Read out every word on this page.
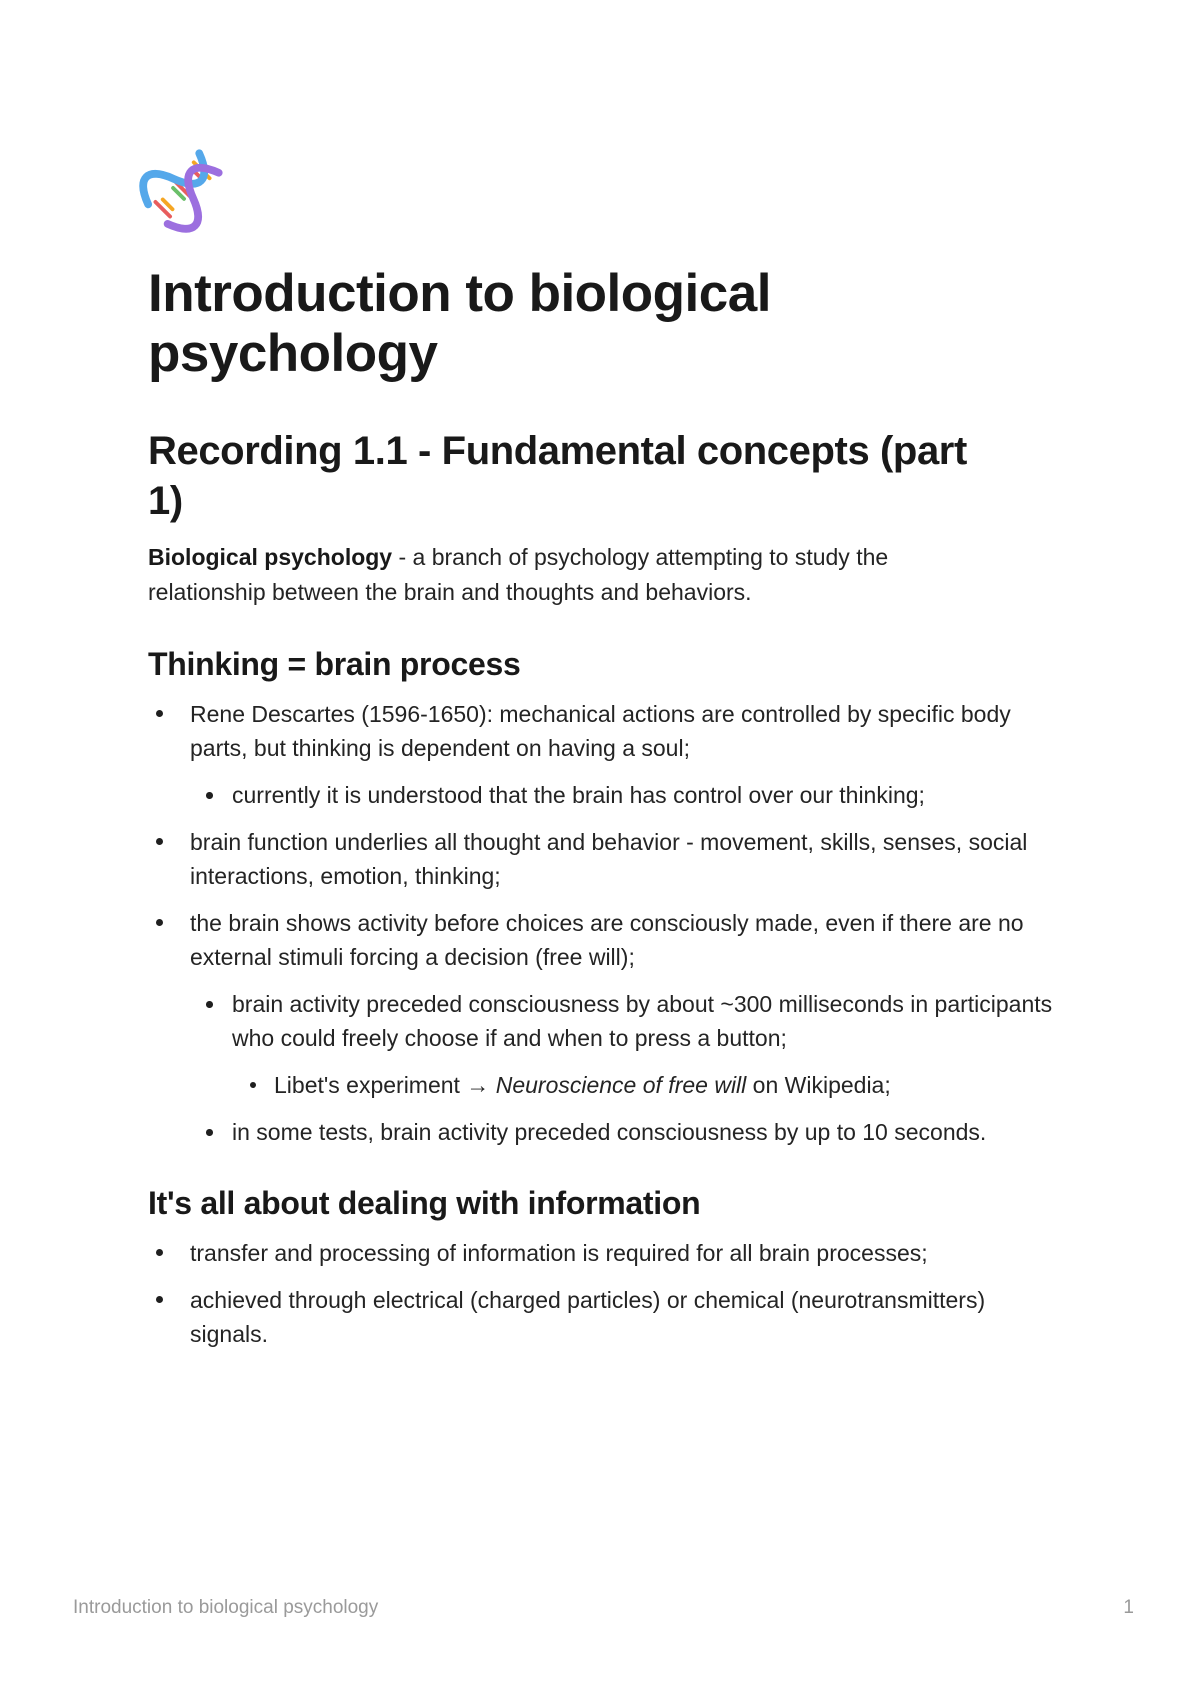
Introduction to biological psychology
Recording 1.1 - Fundamental concepts (part 1)

Biological psychology - a branch of psychology attempting to study the relationship between the brain and thoughts and behaviors.

Thinking = brain process
Rene Descartes (1596-1650): mechanical actions are controlled by specific body parts, but thinking is dependent on having a soul;
currently it is understood that the brain has control over our thinking;
brain function underlies all thought and behavior - movement, skills, senses, social interactions, emotion, thinking;
the brain shows activity before choices are consciously made, even if there are no external stimuli forcing a decision (free will);
brain activity preceded consciousness by about ~300 milliseconds in participants who could freely choose if and when to press a button;
Libet's experiment → Neuroscience of free will on Wikipedia;
in some tests, brain activity preceded consciousness by up to 10 seconds.
It's all about dealing with information
transfer and processing of information is required for all brain processes;
achieved through electrical (charged particles) or chemical (neurotransmitters) signals.
Introduction to biological psychology	1
